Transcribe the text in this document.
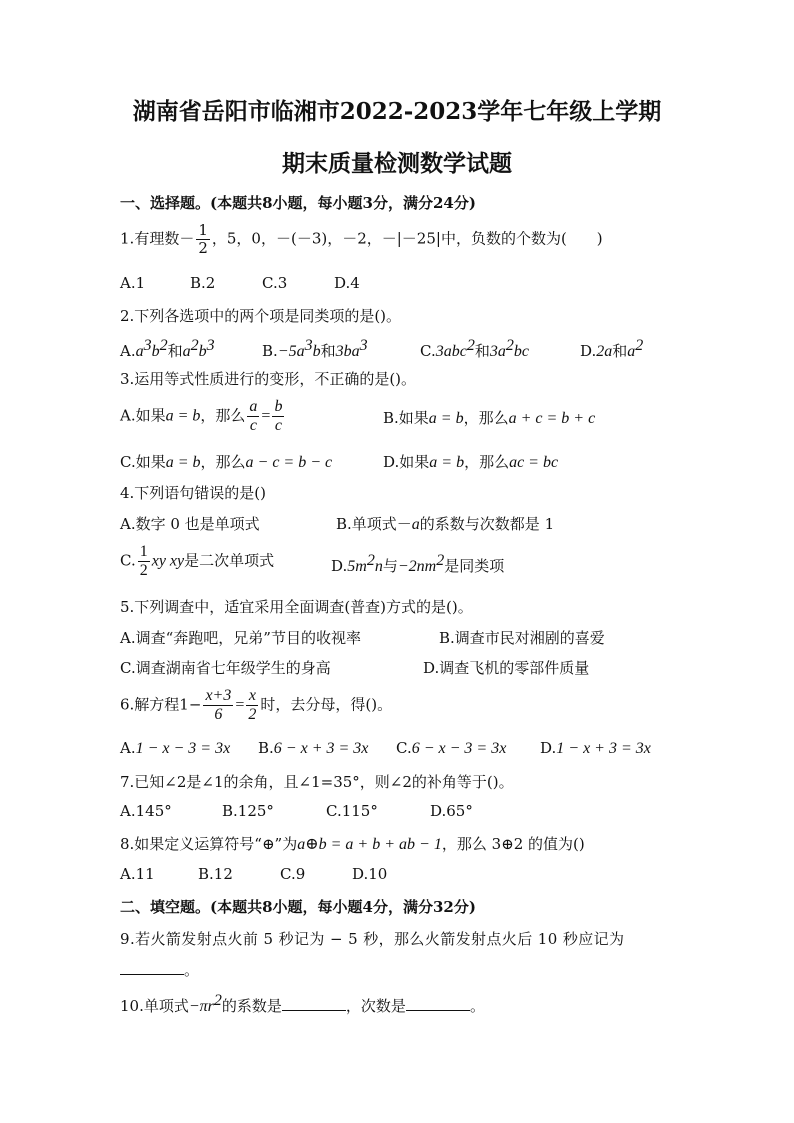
湖南省岳阳市临湘市2022-2023学年七年级上学期
期末质量检测数学试题
一、选择题。(本题共8小题，每小题3分，满分24分)
1.有理数－ $\frac{1}{2}$ ，5，0，－(－3)，－2，－|－25|中，负数的个数为(　　)
A.1	B.2	C.3	D.4
2.下列各选项中的两个项是同类项的是()。
$A.a^3b^2$和$a^2b^3$	$B.-5a^3b$和$3ba^3$	C.3abc$^2$和$3a^2bc$	D.2a和$a^2$
3.运用等式性质进行的变形，不正确的是()。
A.如果a = b，那么 $\frac{a}{c} = \frac{b}{c}$	B.如果a = b，那么a + c = b + c
C.如果a = b，那么a − c = b − c	D.如果a = b，那么ac = bc
4.下列语句错误的是()
A.数字 0 也是单项式	B.单项式－a的系数与次数都是 1
C. $\frac{1}{2}$ xy xy是二次单项式	$D.5m^2n$与$-2nm^2$是同类项
5.下列调查中，适宜采用全面调查(普查)方式的是()。
A.调查“奔跑吧，兄弟”节目的收视率	B.调查市民对湘剧的喜爱
C.调查湖南省七年级学生的身高	D.调查飞机的零部件质量
6.解方程$1- \frac{x+3}{6} = \frac{x}{2}$ 时，去分母，得()。
A.1 − x − 3 = 3x B.6 − x + 3 = 3x C.6 − x − 3 = 3x D.1 − x + 3 = 3x
7.已知∠2是∠1的余角，且∠1=35°，则∠2的补角等于()。
A.145°	B.125°	C.115°	D.65°
8.如果定义运算符号“⊕”为a⊕b = a + b + ab − 1，那么 3⊕2 的值为()
A.11	B.12	C.9	D.10
二、填空题。(本题共8小题，每小题4分，满分32分)
9.若火箭发射点火前 5 秒记为 − 5 秒，那么火箭发射点火后 10 秒应记为
。
10.单项式$-\pi r^2$的系数是	，次数是	。
